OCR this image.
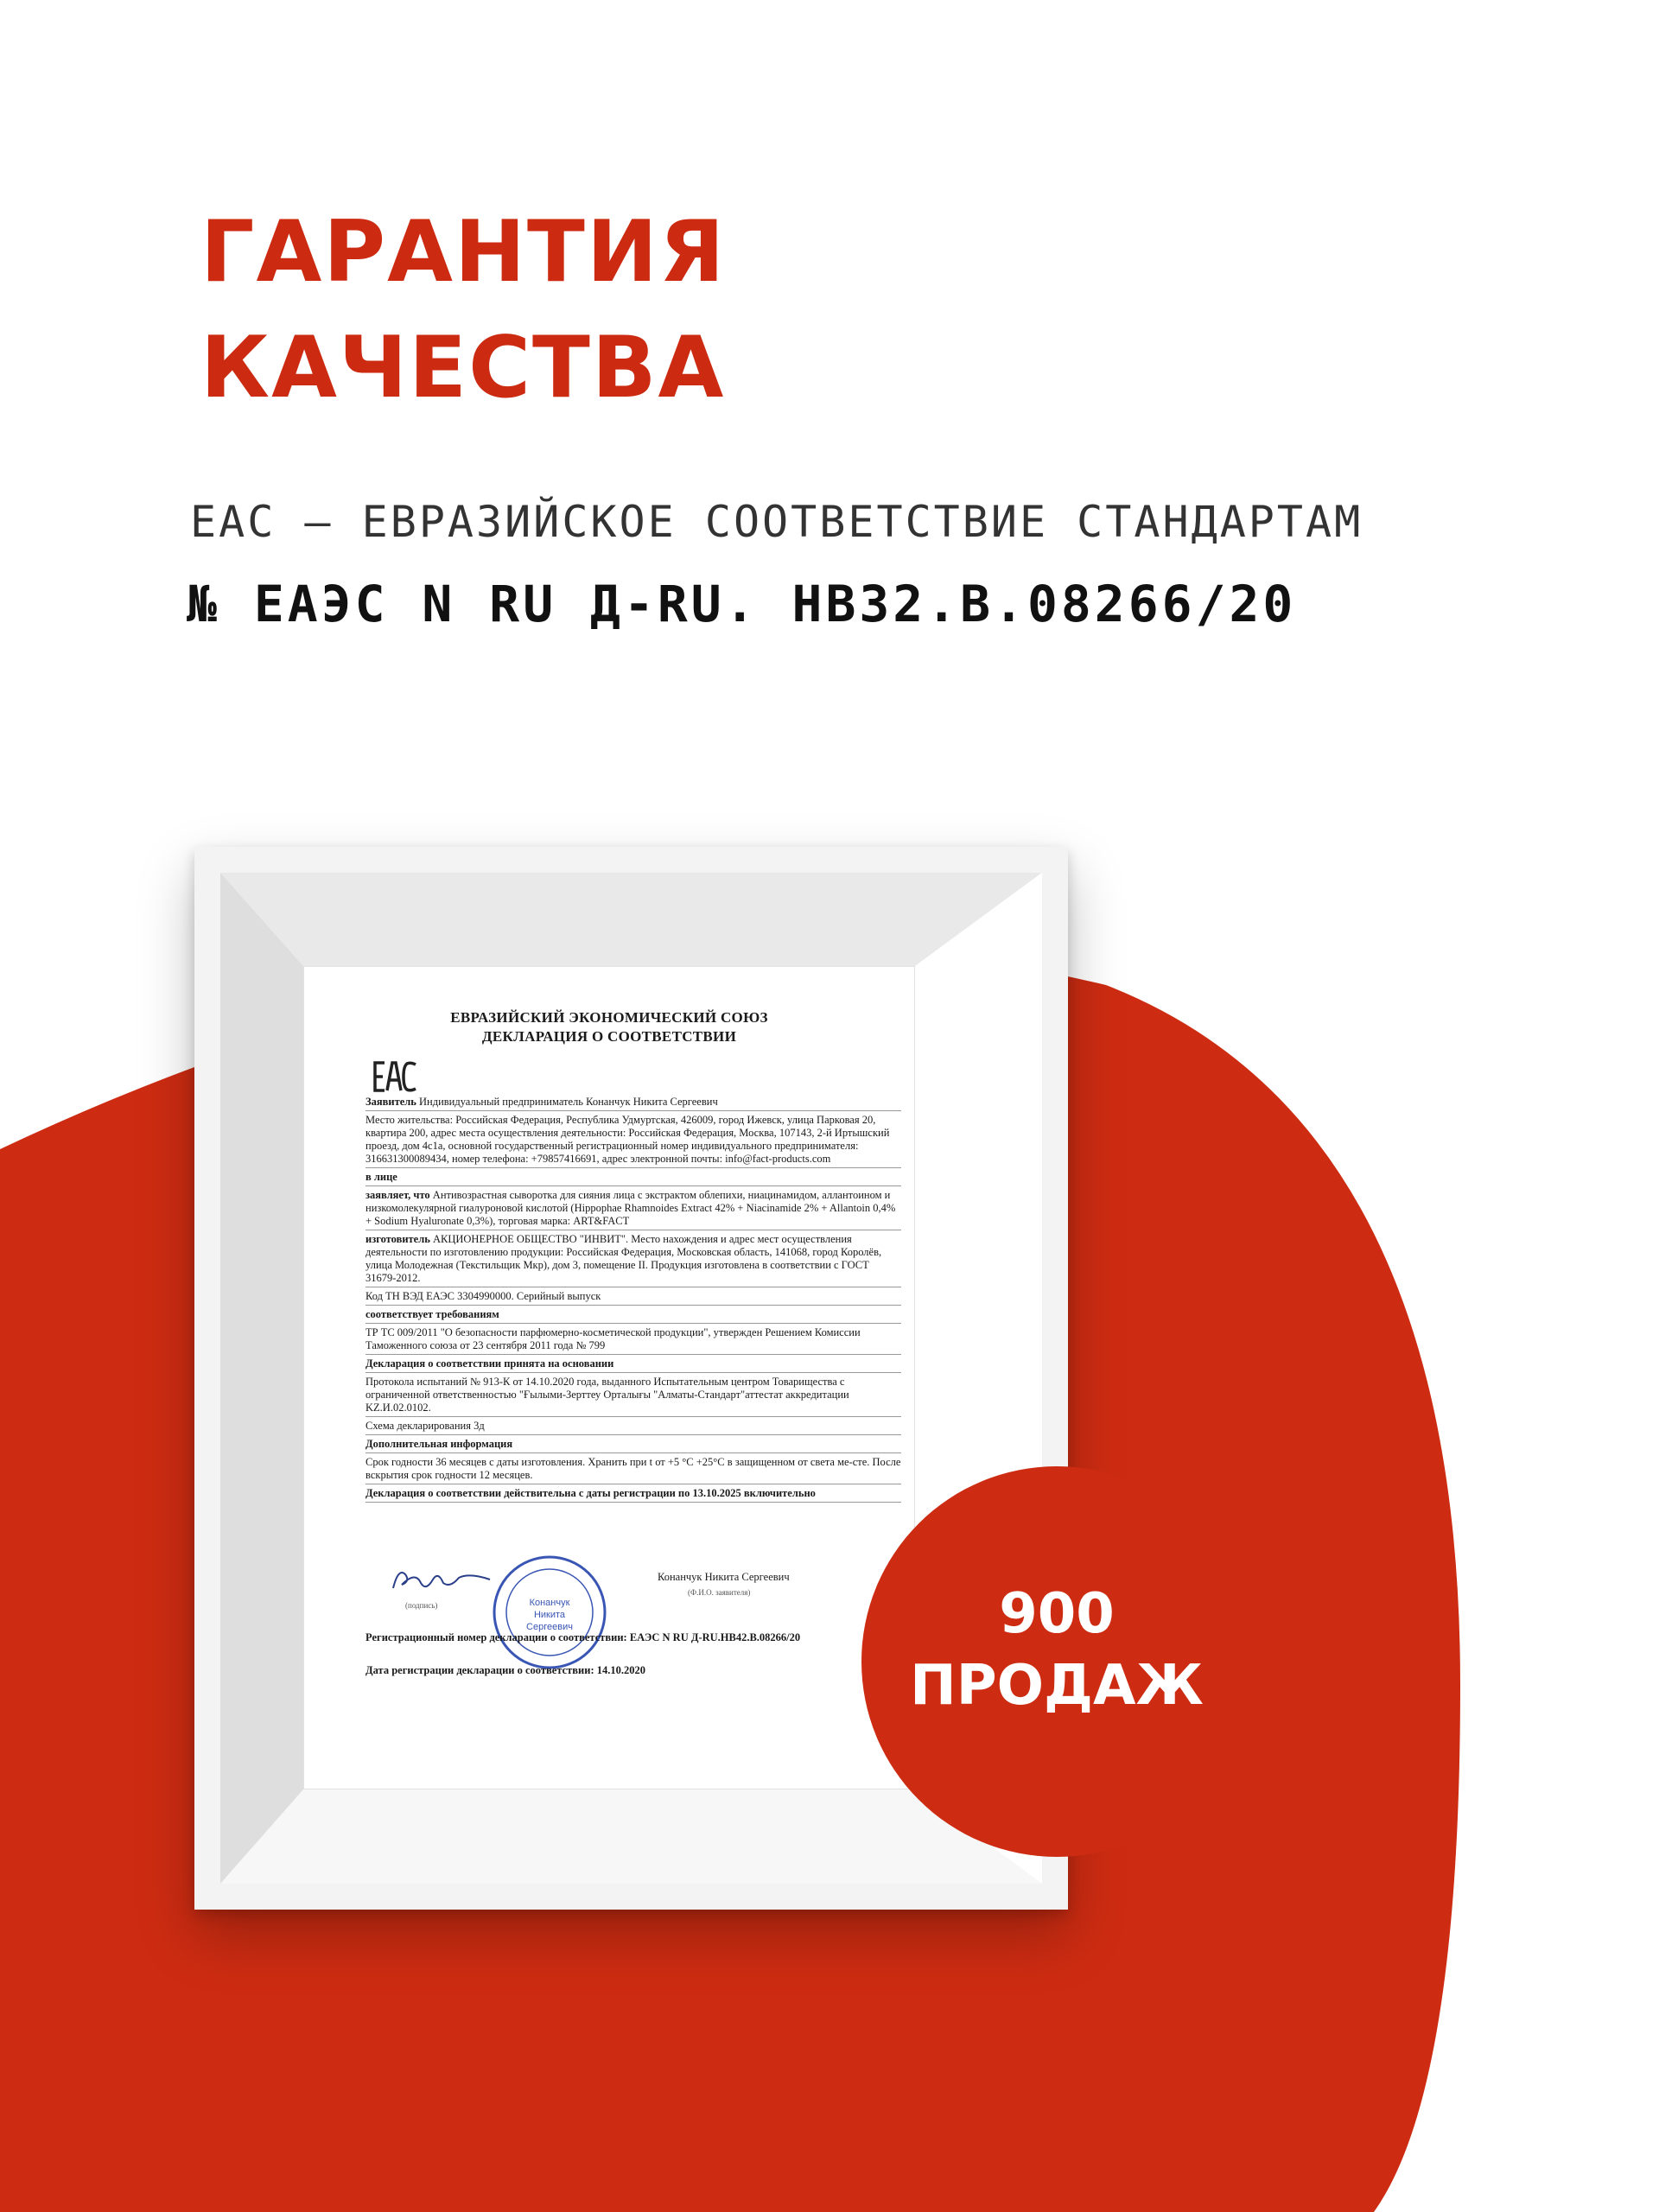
ГАРАНТИЯ
КАЧЕСТВА

EAC – ЕВРАЗИЙСКОЕ СООТВЕТСТВИЕ СТАНДАРТАМ

№ ЕАЭС N RU Д-RU. НВ32.В.08266/20

ЕВРАЗИЙСКИЙ ЭКОНОМИЧЕСКИЙ СОЮЗ
ДЕКЛАРАЦИЯ О СООТВЕТСТВИИ

Заявитель Индивидуальный предприниматель Конанчук Никита Сергеевич

Место жительства: Российская Федерация, Республика Удмуртская, 426009, город Ижевск, улица Парковая 20, квартира 200, адрес места осуществления деятельности: Российская Федерация, Москва, 107143, 2-й Иртышский проезд, дом 4с1а, основной государственный регистрационный номер индивидуального предпринимателя: 316631300089434, номер телефона: +79857416691, адрес электронной почты: info@fact-products.com

в лице

заявляет, что Антивозрастная сыворотка для сияния лица с экстрактом облепихи, ниацинамидом, аллантоином и низкомолекулярной гиалуроновой кислотой (Hippophae Rhamnoides Extract 42% + Niacinamide 2% + Allantoin 0,4% + Sodium Hyaluronate 0,3%), торговая марка: ART&FACT

изготовитель АКЦИОНЕРНОЕ ОБЩЕСТВО "ИНВИТ". Место нахождения и адрес мест осуществления деятельности по изготовлению продукции: Российская Федерация, Московская область, 141068, город Королёв, улица Молодежная (Текстильщик Мкр), дом 3, помещение II. Продукция изготовлена в соответствии с ГОСТ 31679-2012.

Код ТН ВЭД ЕАЭС 3304990000. Серийный выпуск

соответствует требованиям

ТР ТС 009/2011 "О безопасности парфюмерно-косметической продукции", утвержден Решением Комиссии Таможенного союза от 23 сентября 2011 года № 799

Декларация о соответствии принята на основании

Протокола испытаний № 913-К от 14.10.2020 года, выданного Испытательным центром Товарищества с ограниченной ответственностью "Ғылыми-Зерттеу Орталығы "Алматы-Стандарт"аттестат аккредитации KZ.И.02.0102.

Схема декларирования 3д

Дополнительная информация

Срок годности 36 месяцев с даты изготовления. Хранить при t от +5 °С +25°С в защищенном от света ме-сте. После вскрытия срок годности 12 месяцев.

Декларация о соответствии действительна с даты регистрации по 13.10.2025 включительно

Конанчук
Никита
Сергеевич
Конанчук Никита Сергеевич
(подпись)
(Ф.И.О. заявителя)
Регистрационный номер декларации о соответствии: ЕАЭС N RU Д-RU.НВ42.В.08266/20
Дата регистрации декларации о соответствии: 14.10.2020
900
ПРОДАЖ
